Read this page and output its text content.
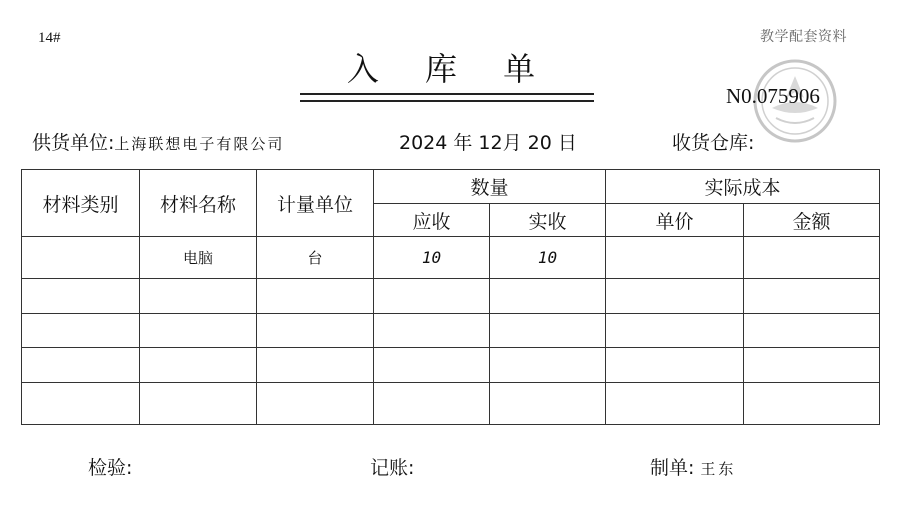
14#	教学配套资料
入 库 单
N0.075906
供货单位:上海联想电子有限公司	2024 年 12月 20 日	收货仓库:
材料类别	材料名称	计量单位	数量		实际成本	
			应收	实收	单价	金额
	电脑	台	10	10		

检验:	记账:	制单: 王东
